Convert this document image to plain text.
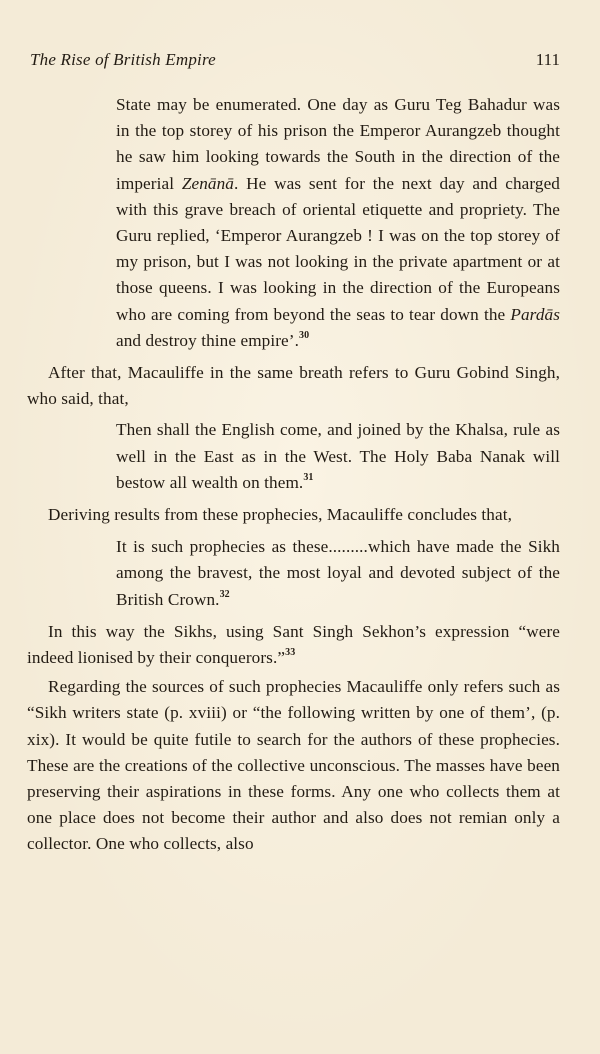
The Rise of British Empire	111

State may be enumerated. One day as Guru Teg Bahadur was in the top storey of his prison the Emperor Aurangzeb thought he saw him looking towards the South in the direction of the imperial Zenānā. He was sent for the next day and charged with this grave breach of oriental etiquette and propriety. The Guru replied, ‘Emperor Aurangzeb ! I was on the top storey of my prison, but I was not looking in the private apartment or at those queens. I was looking in the direction of the Europeans who are coming from beyond the seas to tear down the Pardās and destroy thine empire’.$^{30}$

After that, Macauliffe in the same breath refers to Guru Gobind Singh, who said, that,

Then shall the English come, and joined by the Khalsa, rule as well in the East as in the West. The Holy Baba Nanak will bestow all wealth on them.$^{31}$

Deriving results from these prophecies, Macauliffe concludes that,

It is such prophecies as these.........which have made the Sikh among the bravest, the most loyal and devoted subject of the British Crown.$^{32}$

In this way the Sikhs, using Sant Singh Sekhon’s expression “were indeed lionised by their conquerors.”$^{33}$

Regarding the sources of such prophecies Macauliffe only refers such as “Sikh writers state (p. xviii) or “the following written by one of them’, (p. xix). It would be quite futile to search for the authors of these prophecies. These are the creations of the collective unconscious. The masses have been preserving their aspirations in these forms. Any one who collects them at one place does not become their author and also does not remian only a collector. One who collects, also
